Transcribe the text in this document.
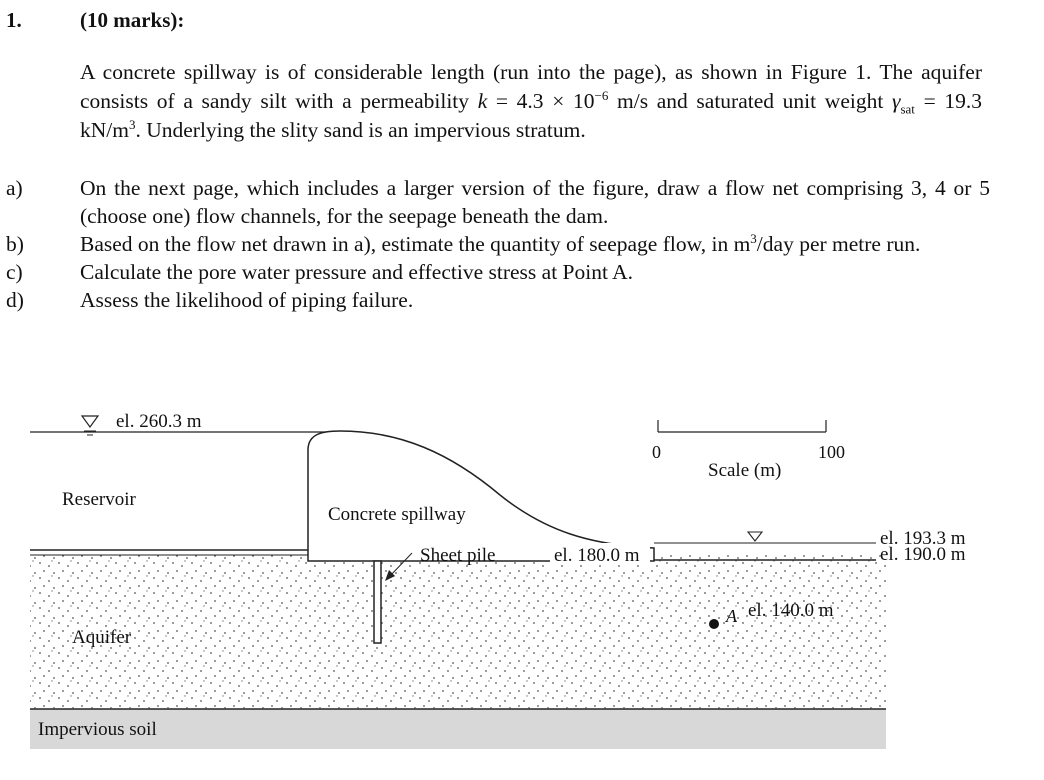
1.	(10 marks):

A concrete spillway is of considerable length (run into the page), as shown in Figure 1. The aquifer consists of a sandy silt with a permeability $k = 4.3 \times 10^{-6}$ m/s and saturated unit weight $\gamma_{sat} = 19.3$ $kN/m^3$. Underlying the slity sand is an impervious stratum.

a)	On the next page, which includes a larger version of the figure, draw a flow net comprising 3, 4 or 5 (choose one) flow channels, for the seepage beneath the dam.
b)	Based on the flow net drawn in a), estimate the quantity of seepage flow, in $m^3$/day per metre run.
c)	Calculate the pore water pressure and effective stress at Point A.
d)	Assess the likelihood of piping failure.
el. 260.3 m
Reservoir
Concrete spillway
Sheet pile	el. 180.0 m
0	100
Scale (m)
el. 193.3 m
el. 190.0 m
A el. 140.0 m
Aquifer
Impervious soil
